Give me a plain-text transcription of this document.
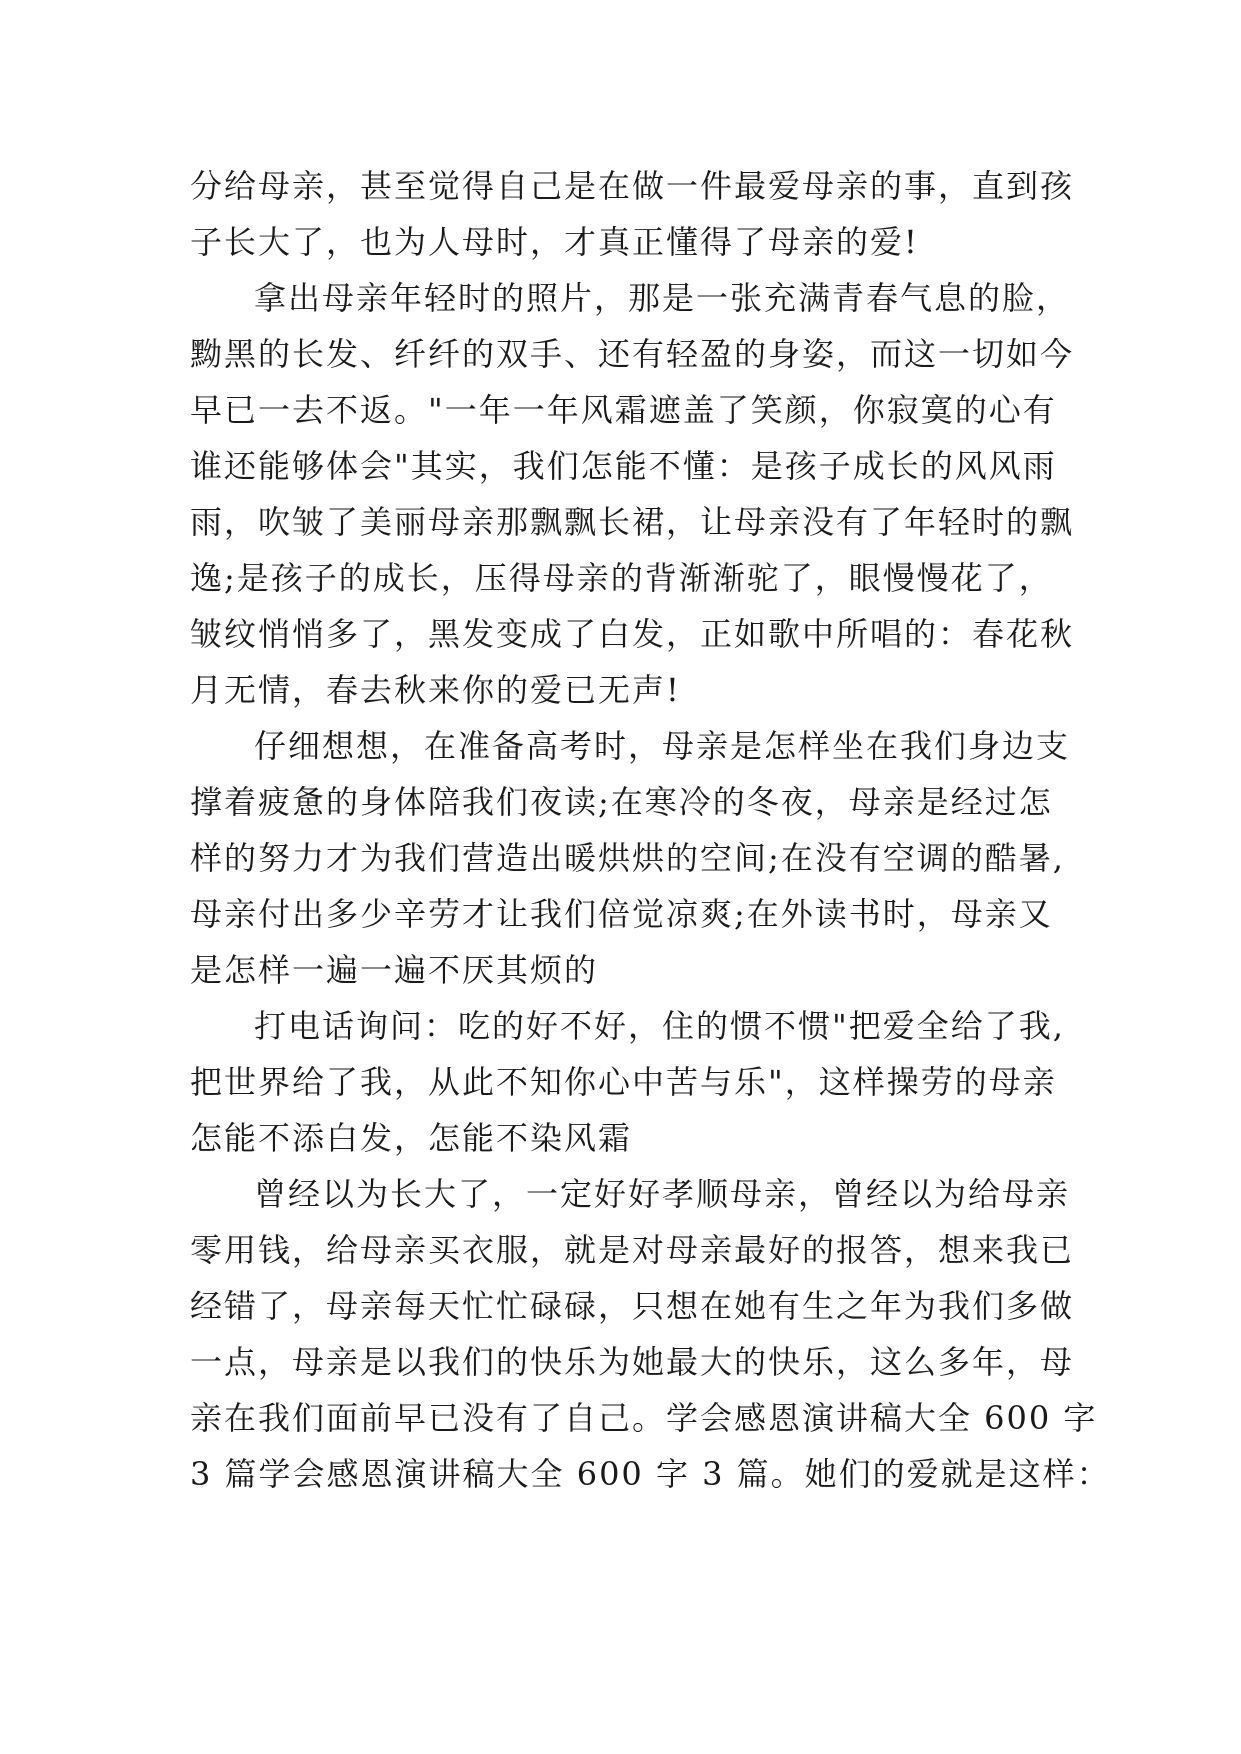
分给母亲，甚至觉得自己是在做一件最爱母亲的事，直到孩
子长大了，也为人母时，才真正懂得了母亲的爱!
拿出母亲年轻时的照片，那是一张充满青春气息的脸，
黝黑的长发、纤纤的双手、还有轻盈的身姿，而这一切如今
早已一去不返。"一年一年风霜遮盖了笑颜，你寂寞的心有
谁还能够体会"其实，我们怎能不懂：是孩子成长的风风雨
雨，吹皱了美丽母亲那飘飘长裙，让母亲没有了年轻时的飘
逸;是孩子的成长，压得母亲的背渐渐驼了，眼慢慢花了，
皱纹悄悄多了，黑发变成了白发，正如歌中所唱的：春花秋
月无情，春去秋来你的爱已无声!
仔细想想，在准备高考时，母亲是怎样坐在我们身边支
撑着疲惫的身体陪我们夜读;在寒冷的冬夜，母亲是经过怎
样的努力才为我们营造出暖烘烘的空间;在没有空调的酷暑,
母亲付出多少辛劳才让我们倍觉凉爽;在外读书时，母亲又
是怎样一遍一遍不厌其烦的
打电话询问：吃的好不好，住的惯不惯"把爱全给了我,
把世界给了我，从此不知你心中苦与乐"，这样操劳的母亲
怎能不添白发，怎能不染风霜
曾经以为长大了，一定好好孝顺母亲，曾经以为给母亲
零用钱，给母亲买衣服，就是对母亲最好的报答，想来我已
经错了，母亲每天忙忙碌碌，只想在她有生之年为我们多做
一点，母亲是以我们的快乐为她最大的快乐，这么多年，母
亲在我们面前早已没有了自己。学会感恩演讲稿大全 600 字
3 篇学会感恩演讲稿大全 600 字 3 篇。她们的爱就是这样：
